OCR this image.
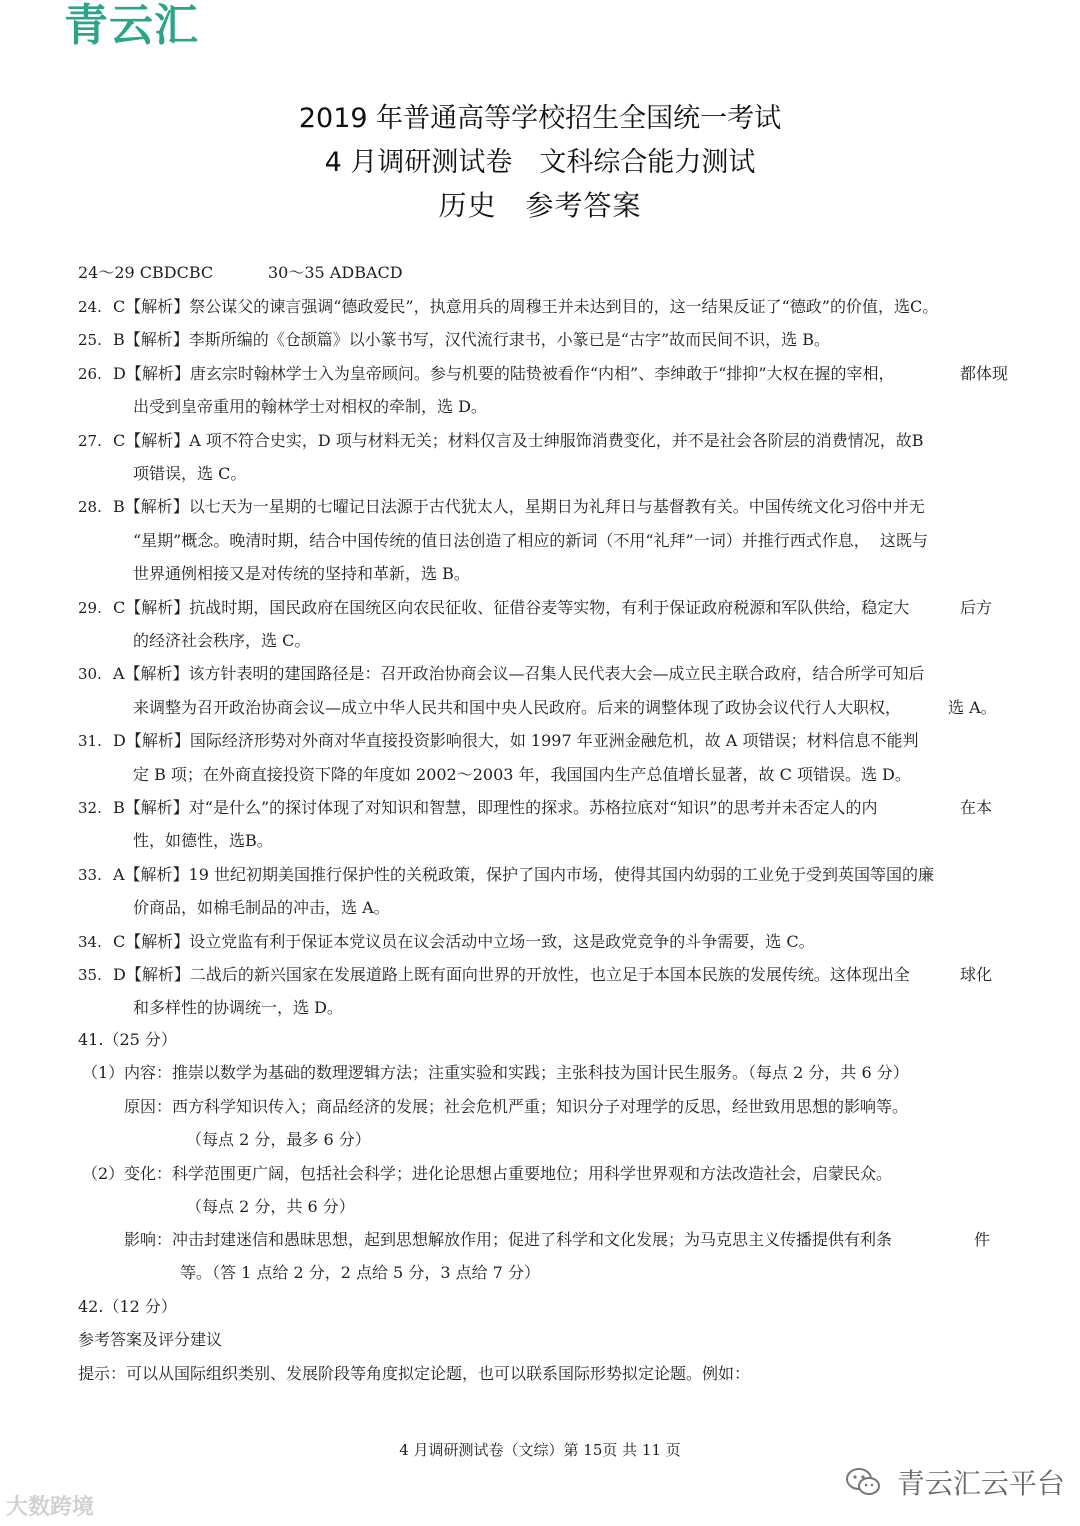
青云汇
2019 年普通高等学校招生全国统一考试
4 月调研测试卷　文科综合能力测试
历史　参考答案
24～29 CBDCBC	30～35 ADBACD
24. C【解析】祭公谋父的谏言强调“德政爱民”，执意用兵的周穆王并未达到目的，这一结果反证了“德政”的价值，选C。
25. B【解析】李斯所编的《仓颉篇》以小篆书写，汉代流行隶书，小篆已是“古字”故而民间不识，选 B。
26. D【解析】唐玄宗时翰林学士入为皇帝顾问。参与机要的陆贽被看作“内相”、李绅敢于“排抑”大权在握的宰相，	都体现
出受到皇帝重用的翰林学士对相权的牵制，选 D。
27. C【解析】A 项不符合史实，D 项与材料无关；材料仅言及士绅服饰消费变化，并不是社会各阶层的消费情况，故B
项错误，选 C。
28. B【解析】以七天为一星期的七曜记日法源于古代犹太人，星期日为礼拜日与基督教有关。中国传统文化习俗中并无
“星期”概念。晚清时期，结合中国传统的值日法创造了相应的新词（不用“礼拜”一词）并推行西式作息，  这既与
世界通例相接又是对传统的坚持和革新，选 B。
29. C【解析】抗战时期，国民政府在国统区向农民征收、征借谷麦等实物，有利于保证政府税源和军队供给，稳定大	后方
的经济社会秩序，选 C。
30. A【解析】该方针表明的建国路径是：召开政治协商会议—召集人民代表大会—成立民主联合政府，结合所学可知后
来调整为召开政治协商会议—成立中华人民共和国中央人民政府。后来的调整体现了政协会议代行人大职权，	选 A。
31. D【解析】国际经济形势对外商对华直接投资影响很大，如 1997 年亚洲金融危机，故 A 项错误；材料信息不能判
定 B 项；在外商直接投资下降的年度如 2002～2003 年，我国国内生产总值增长显著，故 C 项错误。选 D。
32. B【解析】对“是什么”的探讨体现了对知识和智慧，即理性的探求。苏格拉底对“知识”的思考并未否定人的内	在本
性，如德性，选B。
33. A【解析】19 世纪初期美国推行保护性的关税政策，保护了国内市场，使得其国内幼弱的工业免于受到英国等国的廉
价商品，如棉毛制品的冲击，选 A。
34. C【解析】设立党监有利于保证本党议员在议会活动中立场一致，这是政党竞争的斗争需要，选 C。
35. D【解析】二战后的新兴国家在发展道路上既有面向世界的开放性，也立足于本国本民族的发展传统。这体现出全	球化
和多样性的协调统一，选 D。
41.（25 分）
（1） 内容：推崇以数学为基础的数理逻辑方法；注重实验和实践；主张科技为国计民生服务。（每点 2 分，共 6 分）
原因：西方科学知识传入；商品经济的发展；社会危机严重；知识分子对理学的反思，经世致用思想的影响等。
（每点 2 分，最多 6 分）
（2） 变化：科学范围更广阔，包括社会科学；进化论思想占重要地位；用科学世界观和方法改造社会，启蒙民众。
（每点 2 分，共 6 分）
影响：冲击封建迷信和愚昧思想，起到思想解放作用；促进了科学和文化发展；为马克思主义传播提供有利条	件
等。（答 1 点给 2 分，2 点给 5 分，3 点给 7 分）
42.（12 分）
参考答案及评分建议
提示：可以从国际组织类别、发展阶段等角度拟定论题，也可以联系国际形势拟定论题。例如：
4 月调研测试卷（文综）第 15页 共 11 页
大数跨境
青云汇云平台
